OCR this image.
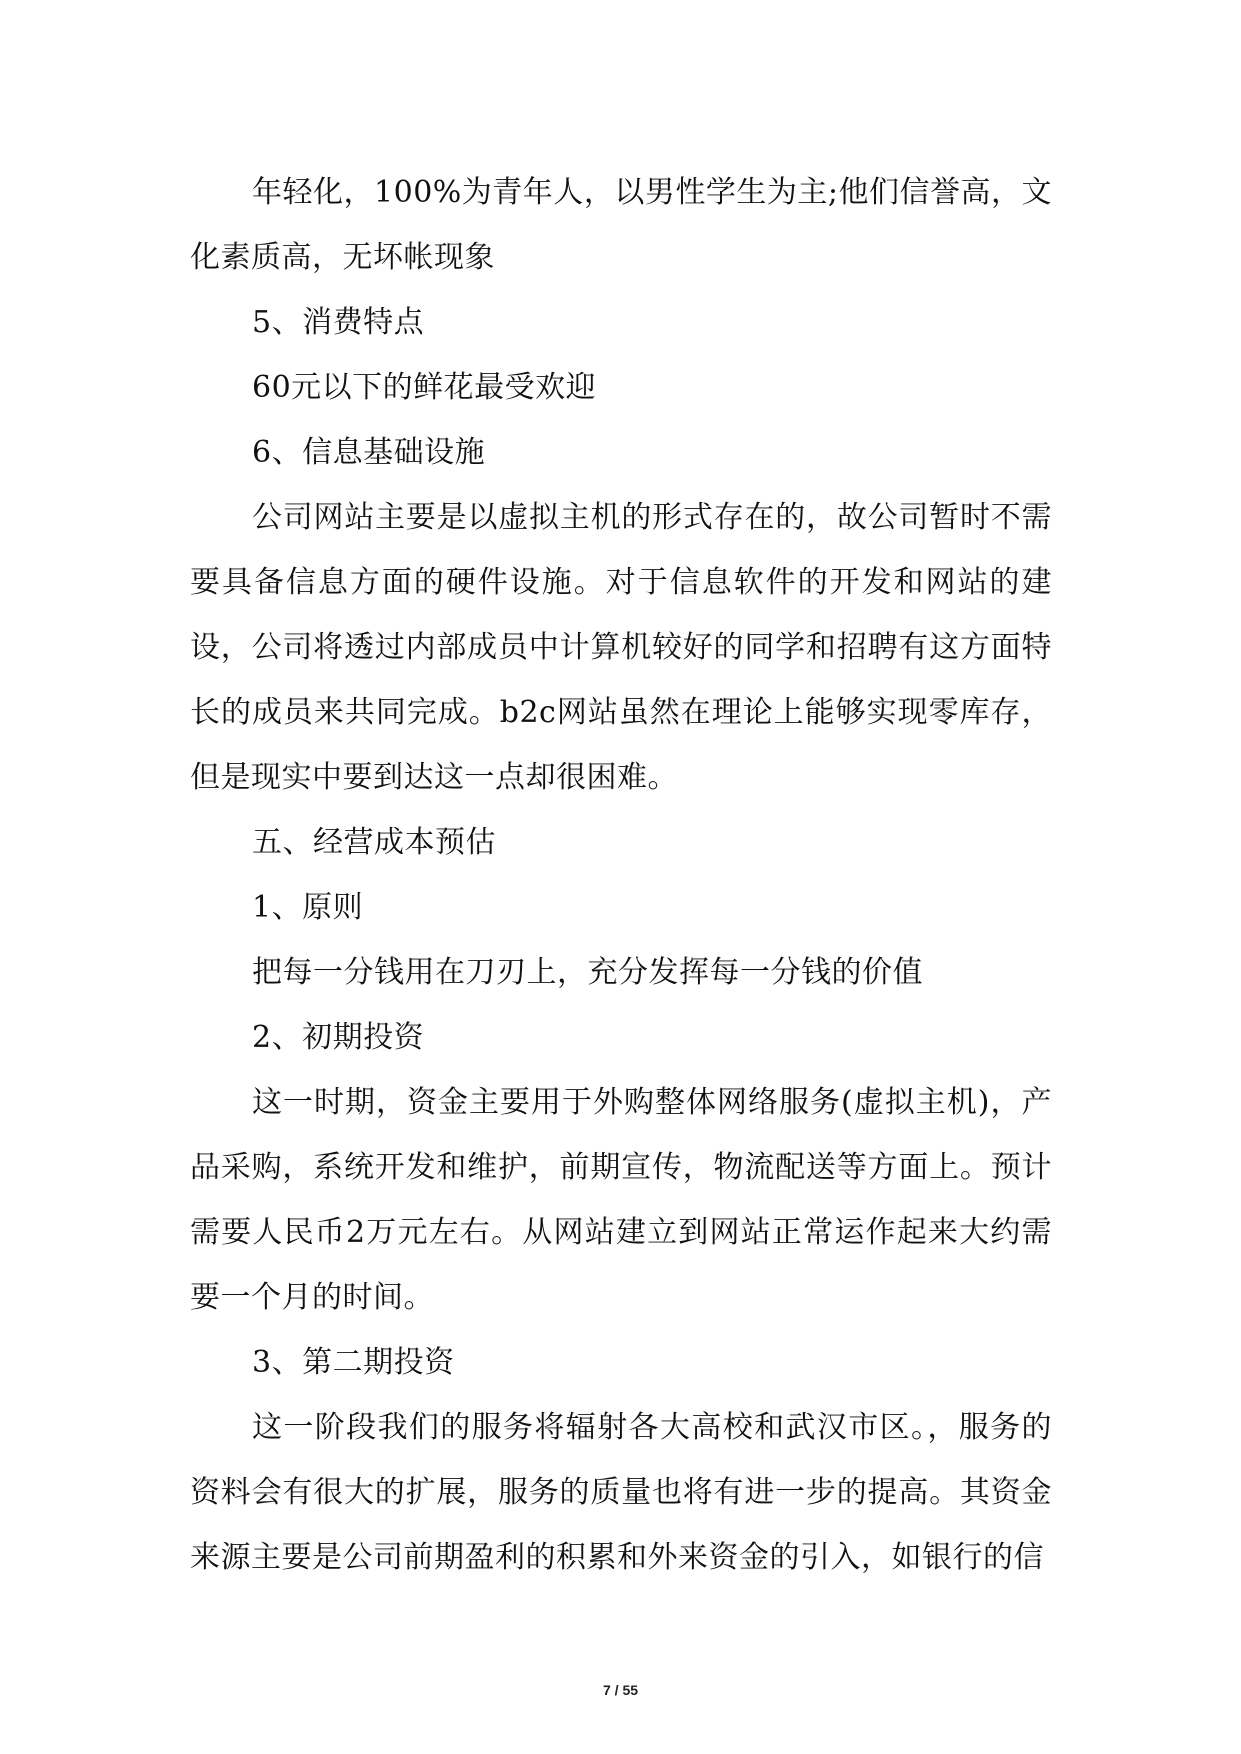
年轻化，100%为青年人，以男性学生为主;他们信誉高，文化素质高，无坏帐现象

5、消费特点

60元以下的鲜花最受欢迎

6、信息基础设施

公司网站主要是以虚拟主机的形式存在的，故公司暂时不需要具备信息方面的硬件设施。对于信息软件的开发和网站的建设，公司将透过内部成员中计算机较好的同学和招聘有这方面特长的成员来共同完成。b2c网站虽然在理论上能够实现零库存，但是现实中要到达这一点却很困难。

五、经营成本预估

1、原则

把每一分钱用在刀刃上，充分发挥每一分钱的价值

2、初期投资

这一时期，资金主要用于外购整体网络服务(虚拟主机)，产品采购，系统开发和维护，前期宣传，物流配送等方面上。预计需要人民币2万元左右。从网站建立到网站正常运作起来大约需要一个月的时间。

3、第二期投资

这一阶段我们的服务将辐射各大高校和武汉市区。，服务的资料会有很大的扩展，服务的质量也将有进一步的提高。其资金来源主要是公司前期盈利的积累和外来资金的引入，如银行的信

7 / 55
